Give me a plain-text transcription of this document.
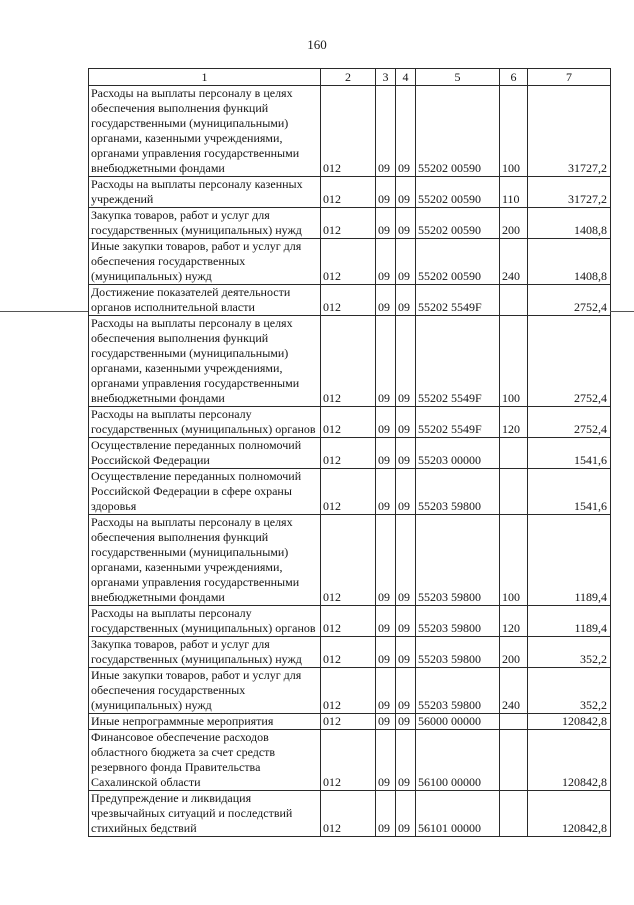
160
1	2	3	4	5	6	7
Расходы на выплаты персоналу в целях обеспечения выполнения функций государственными (муниципальными) органами, казенными учреждениями, органами управления государственными внебюджетными фондами	012	09	09	55202 00590	100	31727,2
Расходы на выплаты персоналу казенных учреждений	012	09	09	55202 00590	110	31727,2
Закупка товаров, работ и услуг для государственных (муниципальных) нужд	012	09	09	55202 00590	200	1408,8
Иные закупки товаров, работ и услуг для обеспечения государственных (муниципальных) нужд	012	09	09	55202 00590	240	1408,8
Достижение показателей деятельности органов исполнительной власти	012	09	09	55202 5549F		2752,4
Расходы на выплаты персоналу в целях обеспечения выполнения функций государственными (муниципальными) органами, казенными учреждениями, органами управления государственными внебюджетными фондами	012	09	09	55202 5549F	100	2752,4
Расходы на выплаты персоналу государственных (муниципальных) органов	012	09	09	55202 5549F	120	2752,4
Осуществление переданных полномочий Российской Федерации	012	09	09	55203 00000		1541,6
Осуществление переданных полномочий Российской Федерации в сфере охраны здоровья	012	09	09	55203 59800		1541,6
Расходы на выплаты персоналу в целях обеспечения выполнения функций государственными (муниципальными) органами, казенными учреждениями, органами управления государственными внебюджетными фондами	012	09	09	55203 59800	100	1189,4
Расходы на выплаты персоналу государственных (муниципальных) органов	012	09	09	55203 59800	120	1189,4
Закупка товаров, работ и услуг для государственных (муниципальных) нужд	012	09	09	55203 59800	200	352,2
Иные закупки товаров, работ и услуг для обеспечения государственных (муниципальных) нужд	012	09	09	55203 59800	240	352,2
Иные непрограммные мероприятия	012	09	09	56000 00000		120842,8
Финансовое обеспечение расходов областного бюджета за счет средств резервного фонда Правительства Сахалинской области	012	09	09	56100 00000		120842,8
Предупреждение и ликвидация чрезвычайных ситуаций и последствий стихийных бедствий	012	09	09	56101 00000		120842,8
